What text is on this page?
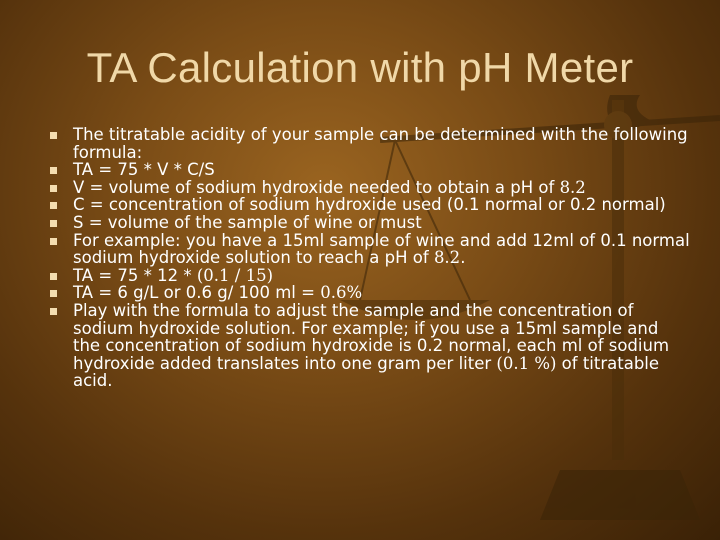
TA Calculation with pH Meter
The titratable acidity of your sample can be determined with the following formula:
TA = 75 * V * C/S
V = volume of sodium hydroxide needed to obtain a pH of 8.2
C = concentration of sodium hydroxide used (0.1 normal or 0.2 normal)
S = volume of the sample of wine or must
For example: you have a 15ml sample of wine and add 12ml of 0.1 normal sodium hydroxide solution to reach a pH of 8.2.
TA = 75 * 12 * (0.1 / 15)
TA = 6 g/L or 0.6 g/ 100 ml = 0.6%
Play with the formula to adjust the sample and the concentration of sodium hydroxide solution. For example; if you use a 15ml sample and the concentration of sodium hydroxide is 0.2 normal, each ml of sodium hydroxide added translates into one gram per liter (0.1 %) of titratable acid.
